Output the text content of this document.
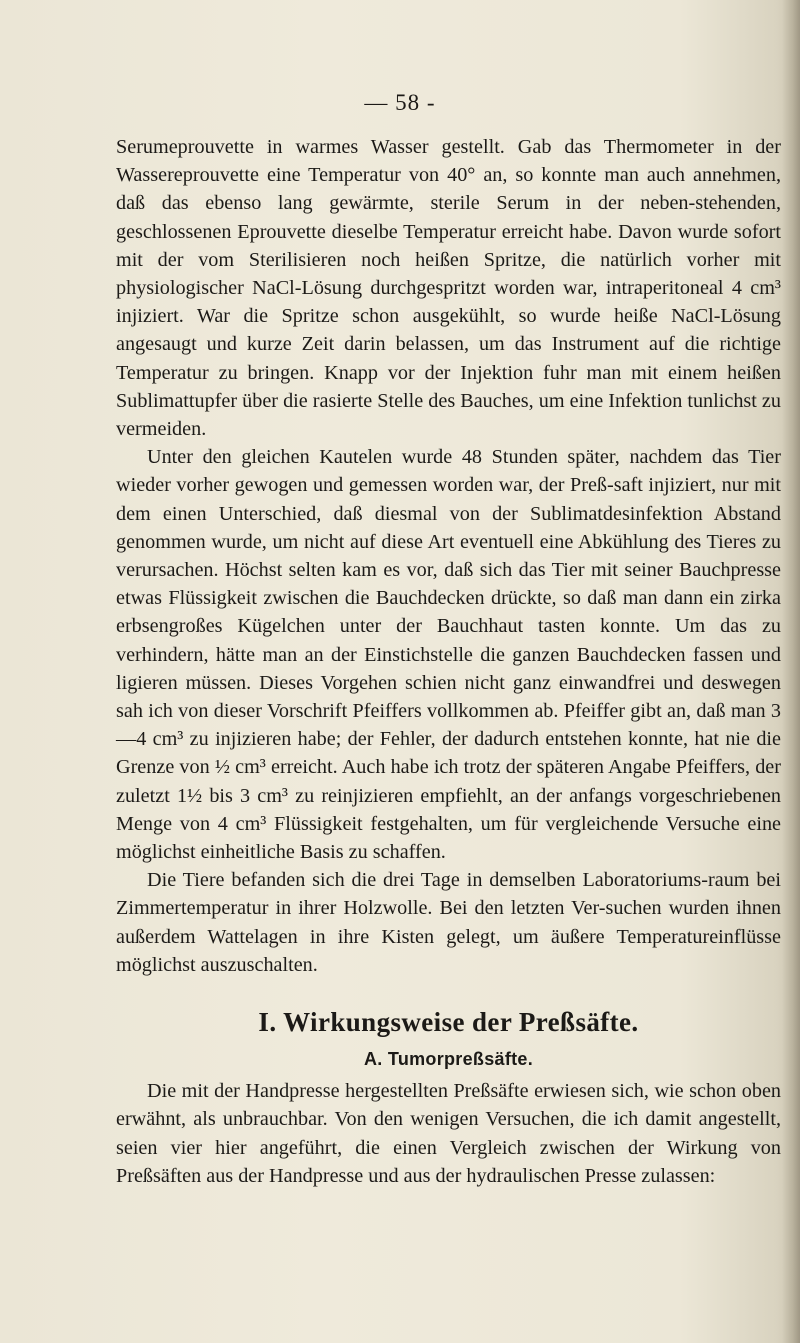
— 58 -

Serumeprouvette in warmes Wasser gestellt. Gab das Thermometer in der Wassereprouvette eine Temperatur von 40° an, so konnte man auch annehmen, daß das ebenso lang gewärmte, sterile Serum in der neben-stehenden, geschlossenen Eprouvette dieselbe Temperatur erreicht habe. Davon wurde sofort mit der vom Sterilisieren noch heißen Spritze, die natürlich vorher mit physiologischer NaCl-Lösung durchgespritzt worden war, intraperitoneal 4 cm³ injiziert. War die Spritze schon ausgekühlt, so wurde heiße NaCl-Lösung angesaugt und kurze Zeit darin belassen, um das Instrument auf die richtige Temperatur zu bringen. Knapp vor der Injektion fuhr man mit einem heißen Sublimattupfer über die rasierte Stelle des Bauches, um eine Infektion tunlichst zu vermeiden.

Unter den gleichen Kautelen wurde 48 Stunden später, nachdem das Tier wieder vorher gewogen und gemessen worden war, der Preß-saft injiziert, nur mit dem einen Unterschied, daß diesmal von der Sublimatdesinfektion Abstand genommen wurde, um nicht auf diese Art eventuell eine Abkühlung des Tieres zu verursachen. Höchst selten kam es vor, daß sich das Tier mit seiner Bauchpresse etwas Flüssigkeit zwischen die Bauchdecken drückte, so daß man dann ein zirka erbsengroßes Kügelchen unter der Bauchhaut tasten konnte. Um das zu verhindern, hätte man an der Einstichstelle die ganzen Bauchdecken fassen und ligieren müssen. Dieses Vorgehen schien nicht ganz einwandfrei und deswegen sah ich von dieser Vorschrift Pfeiffers vollkommen ab. Pfeiffer gibt an, daß man 3—4 cm³ zu injizieren habe; der Fehler, der dadurch entstehen konnte, hat nie die Grenze von ½ cm³ erreicht. Auch habe ich trotz der späteren Angabe Pfeiffers, der zuletzt 1½ bis 3 cm³ zu reinjizieren empfiehlt, an der anfangs vorgeschriebenen Menge von 4 cm³ Flüssigkeit festgehalten, um für vergleichende Versuche eine möglichst einheitliche Basis zu schaffen.

Die Tiere befanden sich die drei Tage in demselben Laboratoriums-raum bei Zimmertemperatur in ihrer Holzwolle. Bei den letzten Ver-suchen wurden ihnen außerdem Wattelagen in ihre Kisten gelegt, um äußere Temperatureinflüsse möglichst auszuschalten.

I. Wirkungsweise der Preßsäfte.

A. Tumorpreßsäfte.

Die mit der Handpresse hergestellten Preßsäfte erwiesen sich, wie schon oben erwähnt, als unbrauchbar. Von den wenigen Versuchen, die ich damit angestellt, seien vier hier angeführt, die einen Vergleich zwischen der Wirkung von Preßsäften aus der Handpresse und aus der hydraulischen Presse zulassen:
